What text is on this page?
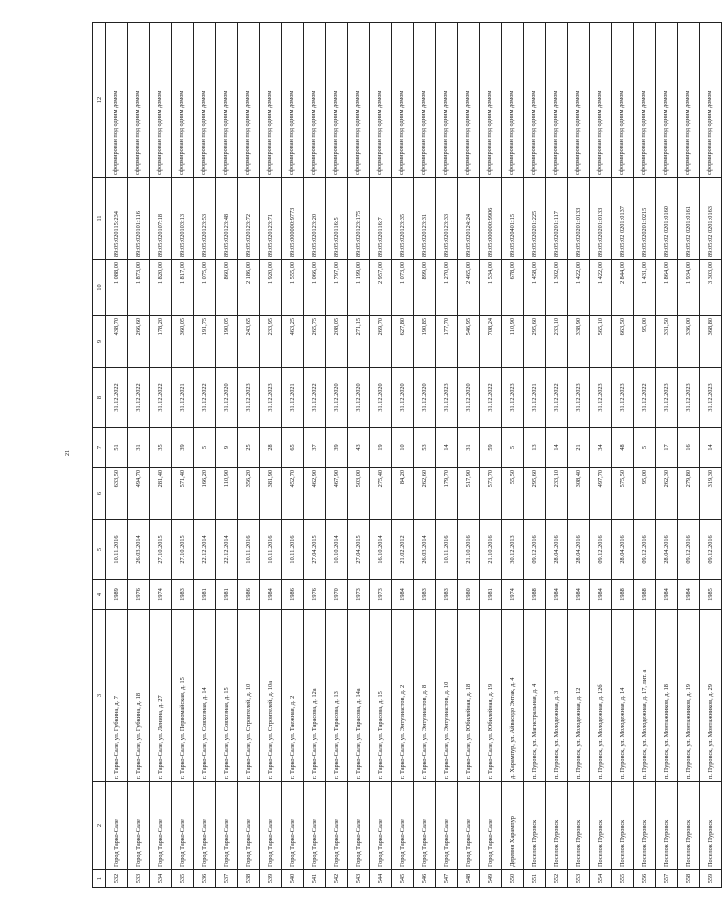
21
1	2	3	4	5	6	7	8	9	10	11	12
532	Город Тарко-Сале	г. Тарко-Сале, ул. Губкина, д. 7	1989	10.11.2016	633,50	51	31.12.2022	438,70	1 088,00	89:05:020115:234	сформирован под одним домом
533	Город Тарко-Сале	г. Тарко-Сале, ул. Губкина, д. 18	1976	26.03.2014	494,70	31	31.12.2022	266,60	1 873,00	89:05:020101:116	сформирован под одним домом
534	Город Тарко-Сале	г. Тарко-Сале, ул. Ленина, д. 27	1974	27.10.2015	281,40	35	31.12.2022	178,20	1 820,00	89:05:020107:18	сформирован под одним домом
535	Город Тарко-Сале	г. Тарко-Сале, ул. Первомайская, д. 15	1983	27.10.2015	571,40	39	31.12.2021	360,05	1 817,00	89:05:020103:13	сформирован под одним домом
536	Город Тарко-Сале	г. Тарко-Сале, ул. Совхозная, д. 14	1981	22.12.2014	166,20	5	31.12.2022	191,75	1 075,00	89:05:020123:53	сформирован под одним домом
537	Город Тарко-Сале	г. Тарко-Сале, ул. Совхозная, д. 15	1981	22.12.2014	110,90	9	31.12.2020	190,05	860,00	89:05:020123:48	сформирован под одним домом
538	Город Тарко-Сале	г. Тарко-Сале, ул. Строителей, д. 10	1986	10.11.2016	356,20	25	31.12.2023	243,65	2 186,00	89:05:020123:72	сформирован под одним домом
539	Город Тарко-Сале	г. Тарко-Сале, ул. Строителей, д. 10а	1984	10.11.2016	381,90	28	31.12.2023	233,95	1 920,00	89:05:020123:71	сформирован под одним домом
540	Город Тарко-Сале	г. Тарко-Сале, ул. Таежная, д. 2	1986	10.11.2016	452,70	65	31.12.2021	463,25	1 555,00	89:05:000000:9773	сформирован под одним домом
541	Город Тарко-Сале	г. Тарко-Сале, ул. Тарасова, д. 12а	1976	27.04.2015	462,90	37	31.12.2022	265,75	1 066,00	89:05:020123:20	сформирован под одним домом
542	Город Тарко-Сале	г. Тарко-Сале, ул. Тарасова, д. 13	1970	10.10.2014	467,90	39	31.12.2020	208,05	1 797,00	89:05:020116:5	сформирован под одним домом
543	Город Тарко-Сале	г. Тарко-Сале, ул. Тарасова, д. 14а	1973	27.04.2015	503,00	43	31.12.2020	271,15	1 199,00	89:05:020123:175	сформирован под одним домом
544	Город Тарко-Сале	г. Тарко-Сале, ул. Тарасова, д. 15	1973	16.10.2014	275,40	19	31.12.2020	269,70	2 957,00	89:05:020116:7	сформирован под одним домом
545	Город Тарко-Сале	г. Тарко-Сале, ул. Энтузиастов, д. 2	1984	21.02.2012	84,20	10	31.12.2020	627,80	1 073,00	89:05:020123:35	сформирован под одним домом
546	Город Тарко-Сале	г. Тарко-Сале, ул. Энтузиастов, д. 8	1983	26.03.2014	262,60	53	31.12.2020	190,85	899,00	89:05:020123:31	сформирован под одним домом
547	Город Тарко-Сале	г. Тарко-Сале, ул. Энтузиастов, д. 10	1983	10.11.2016	179,70	14	31.12.2023	177,70	1 270,00	89:05:020123:33	сформирован под одним домом
548	Город Тарко-Сале	г. Тарко-Сале, ул. Юбилейная, д. 18	1980	21.10.2016	517,90	31	31.12.2020	546,95	2 465,00	89:05:020124:24	сформирован под одним домом
549	Город Тарко-Сале	г. Тарко-Сале, ул. Юбилейная, д. 19	1981	21.10.2016	573,70	59	31.12.2022	708,24	1 534,00	89:05:000000:9906	сформирован под одним домом
550	Деревня Харампур	д. Харампур, ул. Айваседо Энтак, д. 4	1974	30.12.2013	55,50	5	31.12.2023	110,90	678,00	89:05:020401:15	сформирован под одним домом
551	Поселок Пуровск	п. Пуровск, ул. Магистральная, д. 4	1988	09.12.2016	295,60	13	31.12.2021	295,60	1 458,00	89:05:020201:225	сформирован под одним домом
552	Поселок Пуровск	п. Пуровск, ул. Молодежная, д. 3	1984	28.04.2016	233,10	14	31.12.2022	233,10	1 302,00	89:05:020201:117	сформирован под одним домом
553	Поселок Пуровск	п. Пуровск, ул. Молодежная, д. 12	1984	28.04.2016	308,40	21	31.12.2023	338,90	1 422,00	89:05:020201:0133	сформирован под одним домом
554	Поселок Пуровск	п. Пуровск, ул. Молодежная, д. 12б	1984	09.12.2016	497,70	34	31.12.2023	565,10	1 422,00	89:05:020201:0133	сформирован под одним домом
555	Поселок Пуровск	п. Пуровск, ул. Молодежная, д. 14	1988	28.04.2016	575,50	48	31.12.2023	663,50	2 844,00	89:05:02 0201:0137	сформирован под одним домом
556	Поселок Пуровск	п. Пуровск, ул. Молодежная, д. 17, лит. а	1988	09.12.2016	95,00	5	31.12.2022	95,00	1 431,00	89:05:020201:0215	сформирован под одним домом
557	Поселок Пуровск	п. Пуровск, ул. Монтажников, д. 18	1984	28.04.2016	262,30	17	31.12.2023	331,50	1 864,00	89:05:02 0201:0160	сформирован под одним домом
558	Поселок Пуровск	п. Пуровск, ул. Монтажников, д. 19	1984	09.12.2016	279,80	16	31.12.2023	336,00	1 934,00	89:05:02 0201:0161	сформирован под одним домом
559	Поселок Пуровск	п. Пуровск, ул. Монтажников, д. 29	1985	09.12.2016	319,30	14	31.12.2023	368,80	3 303,00	89:05:02 0201:0163	сформирован под одним домом
